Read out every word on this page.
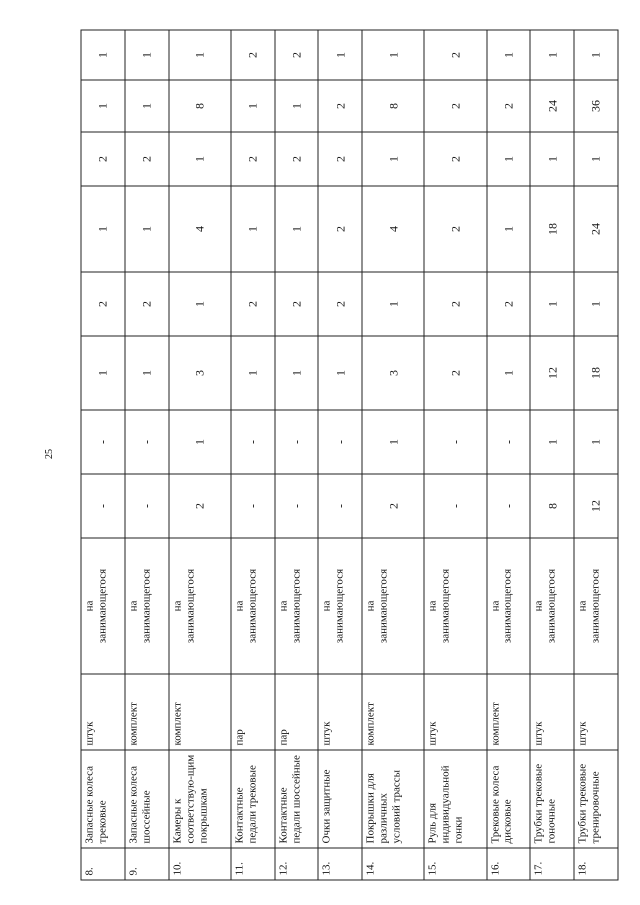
25
8.	Запасные колеса трековые	штук	на занимающегося	-	-	1	2	1	2	1	1
9.	Запасные колеса шоссейные	комплект	на занимающегося	-	-	1	2	1	2	1	1
10.	Камеры к соответствую-щим покрышкам	комплект	на занимающегося	2	1	3	1	4	1	8	1
11.	Контактные педали трековые	пар	на занимающегося	-	-	1	2	1	2	1	2
12.	Контактные педали шоссейные	пар	на занимающегося	-	-	1	2	1	2	1	2
13.	Очки защитные	штук	на занимающегося	-	-	1	2	2	2	2	1
14.	Покрышки для различных условий трассы	комплект	на занимающегося	2	1	3	1	4	1	8	1
15.	Руль для индивидуальной гонки	штук	на занимающегося	-	-	2	2	2	2	2	2
16.	Трековые колеса дисковые	комплект	на занимающегося	-	-	1	2	1	1	2	1
17.	Трубки трековые гоночные	штук	на занимающегося	8	1	12	1	18	1	24	1
18.	Трубки трековые тренировочные	штук	на занимающегося	12	1	18	1	24	1	36	1
